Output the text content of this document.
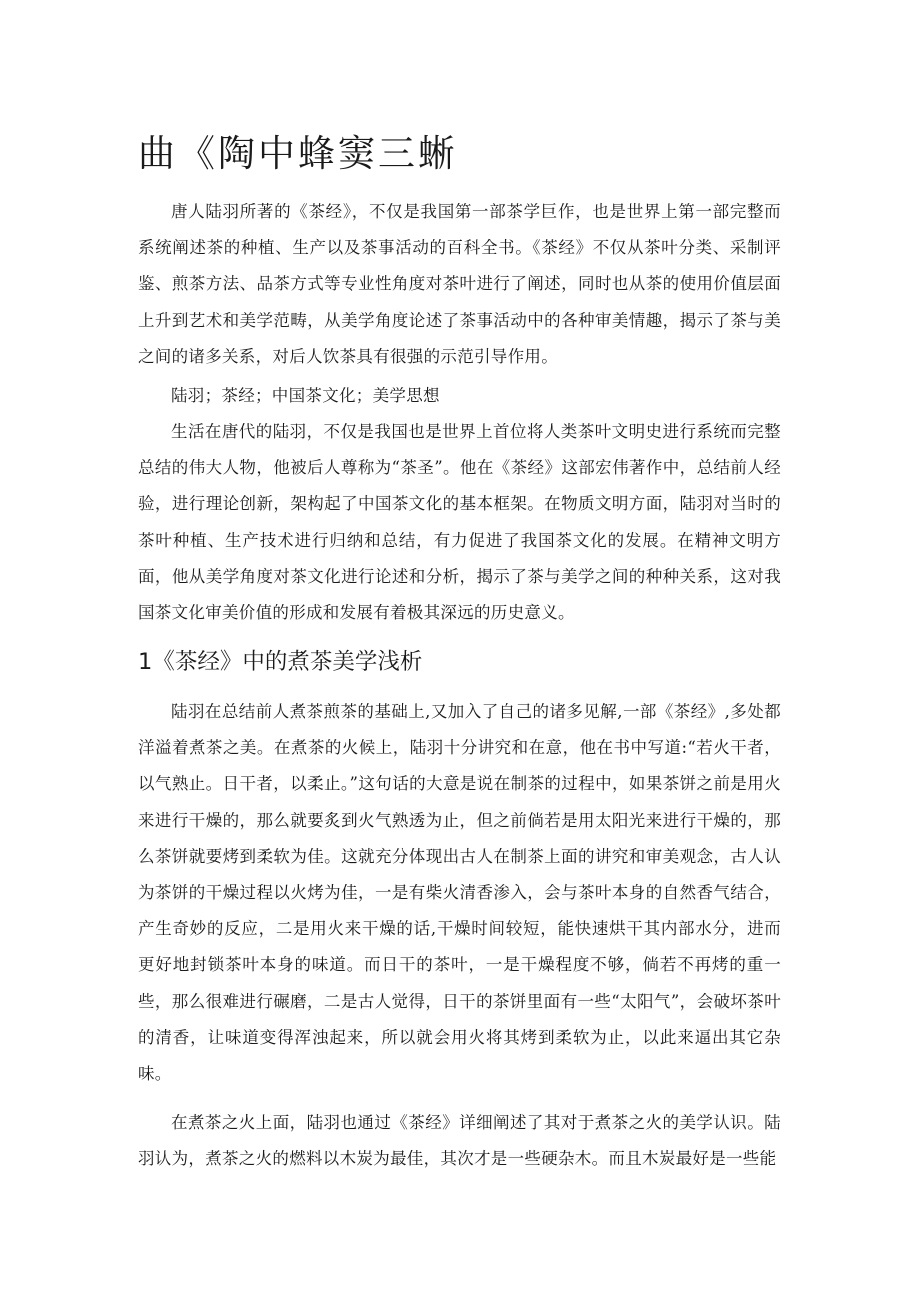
曲《陶中蜂窦三蜥
唐人陆羽所著的《茶经》，不仅是我国第一部茶学巨作，也是世界上第一部完整而系统阐述茶的种植、生产以及茶事活动的百科全书。《茶经》不仅从茶叶分类、采制评鉴、煎茶方法、品茶方式等专业性角度对茶叶进行了阐述，同时也从茶的使用价值层面上升到艺术和美学范畴，从美学角度论述了茶事活动中的各种审美情趣，揭示了茶与美之间的诸多关系，对后人饮茶具有很强的示范引导作用。
陆羽；茶经；中国茶文化；美学思想
生活在唐代的陆羽，不仅是我国也是世界上首位将人类茶叶文明史进行系统而完整总结的伟大人物，他被后人尊称为“茶圣”。他在《茶经》这部宏伟著作中，总结前人经验，进行理论创新，架构起了中国茶文化的基本框架。在物质文明方面，陆羽对当时的茶叶种植、生产技术进行归纳和总结，有力促进了我国茶文化的发展。在精神文明方面，他从美学角度对茶文化进行论述和分析，揭示了茶与美学之间的种种关系，这对我国茶文化审美价值的形成和发展有着极其深远的历史意义。
1《茶经》中的煮茶美学浅析
陆羽在总结前人煮茶煎茶的基础上,又加入了自己的诸多见解,一部《茶经》,多处都洋溢着煮茶之美。在煮茶的火候上，陆羽十分讲究和在意，他在书中写道:“若火干者，以气熟止。日干者，以柔止。”这句话的大意是说在制茶的过程中，如果茶饼之前是用火来进行干燥的，那么就要炙到火气熟透为止，但之前倘若是用太阳光来进行干燥的，那么茶饼就要烤到柔软为佳。这就充分体现出古人在制茶上面的讲究和审美观念，古人认为茶饼的干燥过程以火烤为佳，一是有柴火清香渗入，会与茶叶本身的自然香气结合，产生奇妙的反应，二是用火来干燥的话,干燥时间较短，能快速烘干其内部水分，进而更好地封锁茶叶本身的味道。而日干的茶叶，一是干燥程度不够，倘若不再烤的重一些，那么很难进行碾磨，二是古人觉得，日干的茶饼里面有一些“太阳气”，会破坏茶叶的清香，让味道变得浑浊起来，所以就会用火将其烤到柔软为止，以此来逼出其它杂味。
在煮茶之火上面，陆羽也通过《茶经》详细阐述了其对于煮茶之火的美学认识。陆羽认为，煮茶之火的燃料以木炭为最佳，其次才是一些硬杂木。而且木炭最好是一些能
